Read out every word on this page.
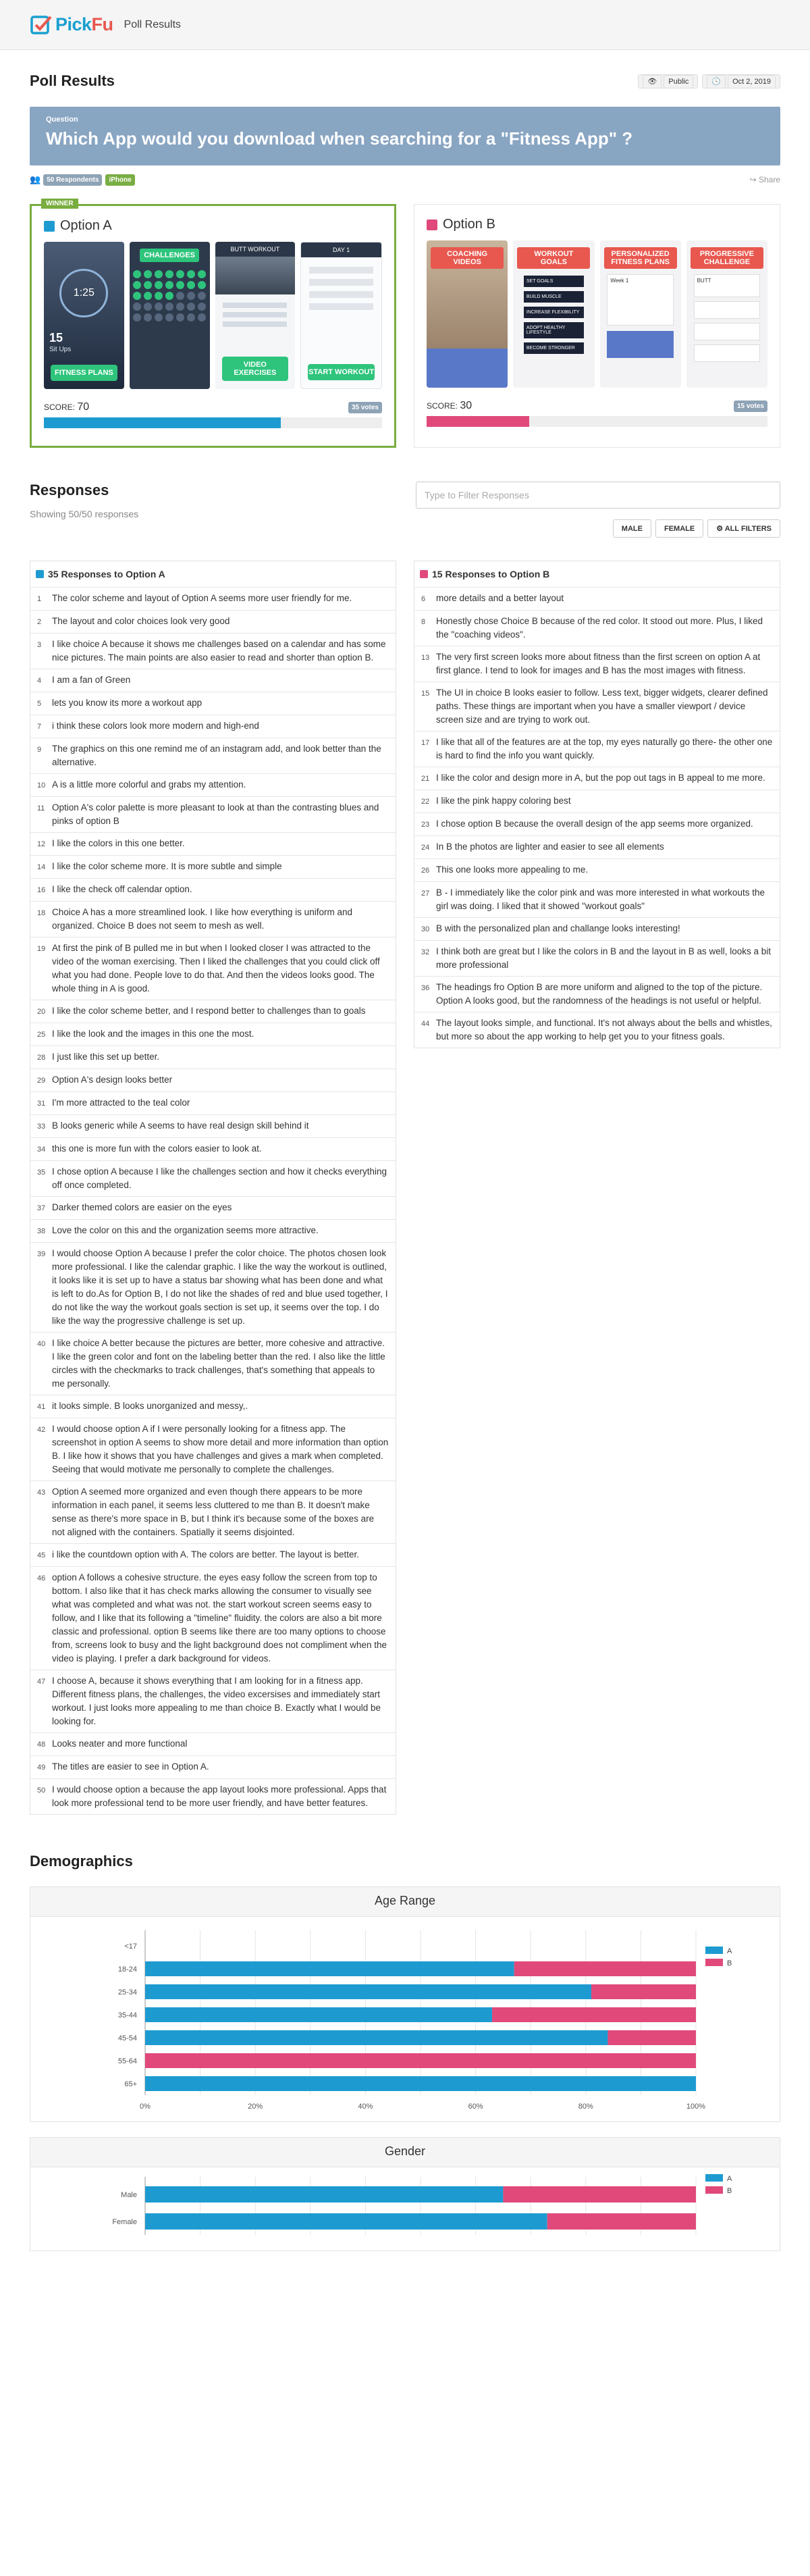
PickFu Poll Results
Poll Results	👁 Public	🕓 Oct 2, 2019
Question
Which App would you download when searching for a "Fitness App" ?
👥 50 Respondents	iPhone	↪ Share
WINNER
Option A
1:25
15
Sit Ups
FITNESS PLANS
CHALLENGES
BUTT WORKOUT
VIDEO EXERCISES
DAY 1
START WORKOUT
SCORE: 70	35 votes
Option B
COACHING VIDEOS
WORKOUT GOALS
SET GOALS
BUILD MUSCLE
INCREASE FLEXIBILITY
ADOPT HEALTHY LIFESTYLE
BECOME STRONGER
PERSONALIZED FITNESS PLANS
Week 1
PROGRESSIVE CHALLENGE
BUTT
SCORE: 30	15 votes
Responses
Showing 50/50 responses
Type to Filter Responses
MALE	FEMALE	⚙ ALL FILTERS
35 Responses to Option A
1	The color scheme and layout of Option A seems more user friendly for me.
2	The layout and color choices look very good
3	I like choice A because it shows me challenges based on a calendar and has some nice pictures. The main points are also easier to read and shorter than option B.
4	I am a fan of Green
5	lets you know its more a workout app
7	i think these colors look more modern and high-end
9	The graphics on this one remind me of an instagram add, and look better than the alternative.
10 A is a little more colorful and grabs my attention.
11 Option A's color palette is more pleasant to look at than the contrasting blues and pinks of option B
12 I like the colors in this one better.
14 I like the color scheme more. It is more subtle and simple
16 I like the check off calendar option.
18 Choice A has a more streamlined look. I like how everything is uniform and organized. Choice B does not seem to mesh as well.
19 At first the pink of B pulled me in but when I looked closer I was attracted to the video of the woman exercising. Then I liked the challenges that you could click off what you had done. People love to do that. And then the videos looks good. The whole thing in A is good.
20 I like the color scheme better, and I respond better to challenges than to goals
25 I like the look and the images in this one the most.
28 I just like this set up better.
29 Option A's design looks better
31 I'm more attracted to the teal color
33 B looks generic while A seems to have real design skill behind it
34 this one is more fun with the colors easier to look at.
35 I chose option A because I like the challenges section and how it checks everything off once completed.
37 Darker themed colors are easier on the eyes
38 Love the color on this and the organization seems more attractive.
39 I would choose Option A because I prefer the color choice. The photos chosen look more professional. I like the calendar graphic. I like the way the workout is outlined, it looks like it is set up to have a status bar showing what has been done and what is left to do.As for Option B, I do not like the shades of red and blue used together, I do not like the way the workout goals section is set up, it seems over the top. I do like the way the progressive challenge is set up.
40 I like choice A better because the pictures are better, more cohesive and attractive. I like the green color and font on the labeling better than the red. I also like the little circles with the checkmarks to track challenges, that's something that appeals to me personally.
41 it looks simple. B looks unorganized and messy,.
42 I would choose option A if I were personally looking for a fitness app. The screenshot in option A seems to show more detail and more information than option B. I like how it shows that you have challenges and gives a mark when completed. Seeing that would motivate me personally to complete the challenges.
43 Option A seemed more organized and even though there appears to be more information in each panel, it seems less cluttered to me than B. It doesn't make sense as there's more space in B, but I think it's because some of the boxes are not aligned with the containers. Spatially it seems disjointed.
45 i like the countdown option with A. The colors are better. The layout is better.
46 option A follows a cohesive structure. the eyes easy follow the screen from top to bottom. I also like that it has check marks allowing the consumer to visually see what was completed and what was not. the start workout screen seems easy to follow, and I like that its following a "timeline" fluidity. the colors are also a bit more classic and professional. option B seems like there are too many options to choose from, screens look to busy and the light background does not compliment when the video is playing. I prefer a dark background for videos.
47 I choose A, because it shows everything that I am looking for in a fitness app. Different fitness plans, the challenges, the video excersises and immediately start workout. I just looks more appealing to me than choice B. Exactly what I would be looking for.
48 Looks neater and more functional
49 The titles are easier to see in Option A.
50 I would choose option a because the app layout looks more professional. Apps that look more professional tend to be more user friendly, and have better features.
15 Responses to Option B
6	more details and a better layout
8	Honestly chose Choice B because of the red color. It stood out more. Plus, I liked the "coaching videos".
13 The very first screen looks more about fitness than the first screen on option A at first glance. I tend to look for images and B has the most images with fitness.
15 The UI in choice B looks easier to follow. Less text, bigger widgets, clearer defined paths. These things are important when you have a smaller viewport / device screen size and are trying to work out.
17 I like that all of the features are at the top, my eyes naturally go there- the other one is hard to find the info you want quickly.
21 I like the color and design more in A, but the pop out tags in B appeal to me more.
22 I like the pink happy coloring best
23 I chose option B because the overall design of the app seems more organized.
24 In B the photos are lighter and easier to see all elements
26 This one looks more appealing to me.
27 B - I immediately like the color pink and was more interested in what workouts the girl was doing. I liked that it showed "workout goals"
30 B with the personalized plan and challange looks interesting!
32 I think both are great but I like the colors in B and the layout in B as well, looks a bit more professional
36 The headings fro Option B are more uniform and aligned to the top of the picture. Option A looks good, but the randomness of the headings is not useful or helpful.
44 The layout looks simple, and functional. It's not always about the bells and whistles, but more so about the app working to help get you to your fitness goals.
Demographics
Age Range
<17
18-24
25-34
35-44
45-54
55-64
65+
0%	20%	40%	60%	80%	100%
A
B
Gender
Male
Female
A
B
